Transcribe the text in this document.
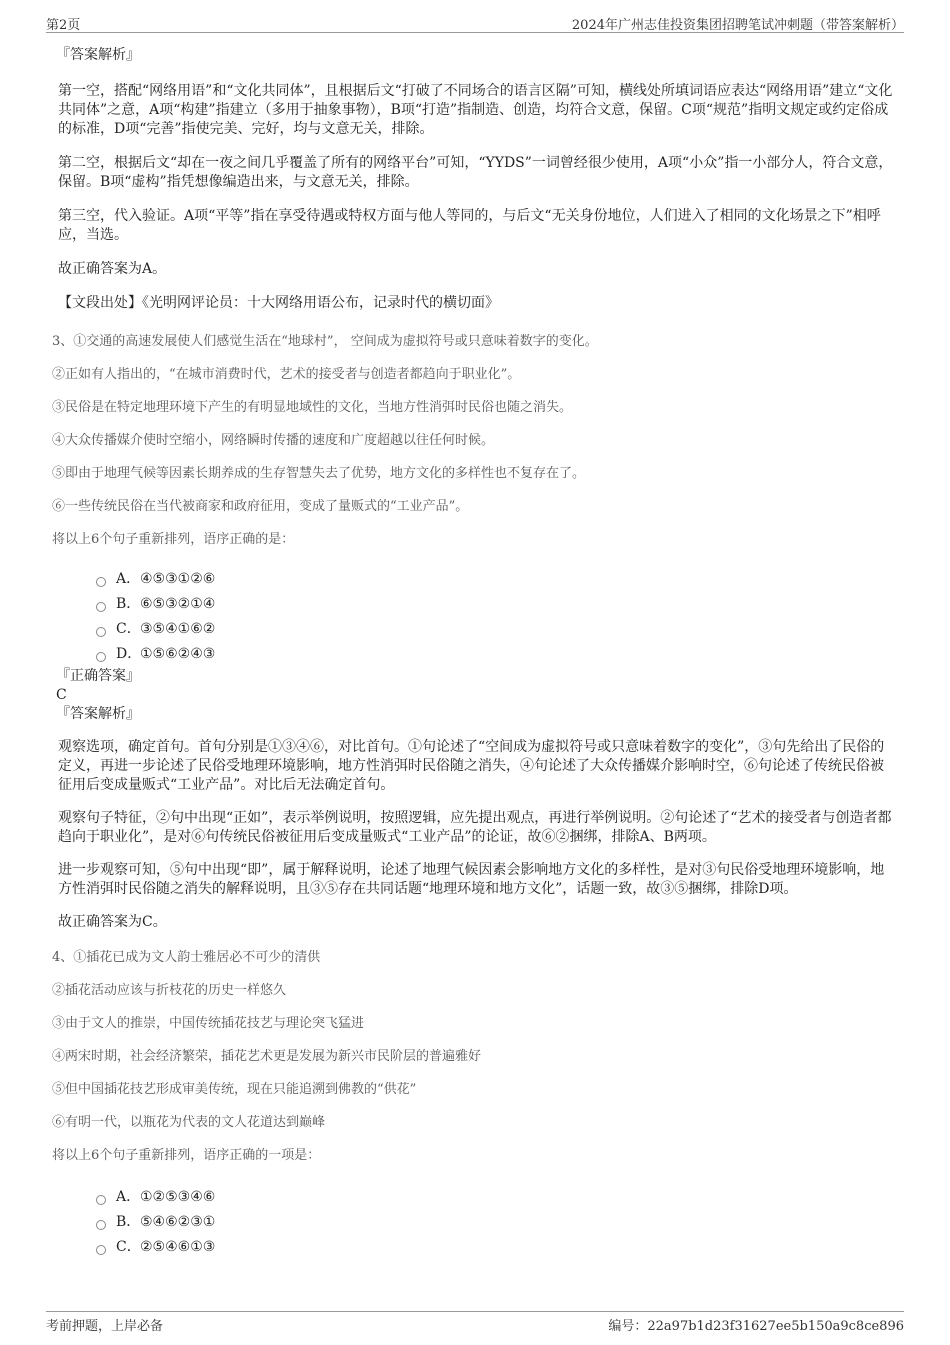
第2页	2024年广州志佳投资集团招聘笔试冲刺题（带答案解析）

『答案解析』

第一空，搭配“网络用语”和“文化共同体”，且根据后文“打破了不同场合的语言区隔”可知，横线处所填词语应表达“网络用语”建立“文化共同体”之意，A项“构建”指建立（多用于抽象事物），B项“打造”指制造、创造，均符合文意，保留。C项“规范”指明文规定或约定俗成的标准，D项“完善”指使完美、完好，均与文意无关，排除。

第二空，根据后文“却在一夜之间几乎覆盖了所有的网络平台”可知，“YYDS”一词曾经很少使用，A项“小众”指一小部分人，符合文意，保留。B项“虚构”指凭想像编造出来，与文意无关，排除。

第三空，代入验证。A项“平等”指在享受待遇或特权方面与他人等同的，与后文“无关身份地位，人们进入了相同的文化场景之下”相呼应，当选。

故正确答案为A。

【文段出处】《光明网评论员：十大网络用语公布，记录时代的横切面》

3、①交通的高速发展使人们感觉生活在“地球村”， 空间成为虚拟符号或只意味着数字的变化。

②正如有人指出的，“在城市消费时代，艺术的接受者与创造者都趋向于职业化”。

③民俗是在特定地理环境下产生的有明显地域性的文化，当地方性消弭时民俗也随之消失。

④大众传播媒介使时空缩小，网络瞬时传播的速度和广度超越以往任何时候。

⑤即由于地理气候等因素长期养成的生存智慧失去了优势，地方文化的多样性也不复存在了。

⑥一些传统民俗在当代被商家和政府征用，变成了量贩式的“工业产品”。

将以上6个句子重新排列，语序正确的是：

A． ④⑤③①②⑥
B． ⑥⑤③②①④
C． ③⑤④①⑥②
D．
①⑤⑥②④③

『正确答案』

C

『答案解析』

观察选项，确定首句。首句分别是①③④⑥，对比首句。①句论述了“空间成为虚拟符号或只意味着数字的变化”，③句先给出了民俗的定义，再进一步论述了民俗受地理环境影响，地方性消弭时民俗随之消失，④句论述了大众传播媒介影响时空，⑥句论述了传统民俗被征用后变成量贩式“工业产品”。对比后无法确定首句。

观察句子特征，②句中出现“正如”，表示举例说明，按照逻辑，应先提出观点，再进行举例说明。②句论述了“艺术的接受者与创造者都趋向于职业化”，是对⑥句传统民俗被征用后变成量贩式“工业产品”的论证，故⑥②捆绑，排除A、B两项。

进一步观察可知，⑤句中出现“即”，属于解释说明，论述了地理气候因素会影响地方文化的多样性，是对③句民俗受地理环境影响，地方性消弭时民俗随之消失的解释说明，且③⑤存在共同话题“地理环境和地方文化”，话题一致，故③⑤捆绑，排除D项。

故正确答案为C。

4、①插花已成为文人韵士雅居必不可少的清供

②插花活动应该与折枝花的历史一样悠久

③由于文人的推崇，中国传统插花技艺与理论突飞猛进

④两宋时期，社会经济繁荣，插花艺术更是发展为新兴市民阶层的普遍雅好

⑤但中国插花技艺形成审美传统，现在只能追溯到佛教的“供花”

⑥有明一代，以瓶花为代表的文人花道达到巅峰

将以上6个句子重新排列，语序正确的一项是：

A． ①②⑤③④⑥
B． ⑤④⑥②③①
C． ②⑤④⑥①③
考前押题，上岸必备	编号：22a97b1d23f31627ee5b150a9c8ce896
